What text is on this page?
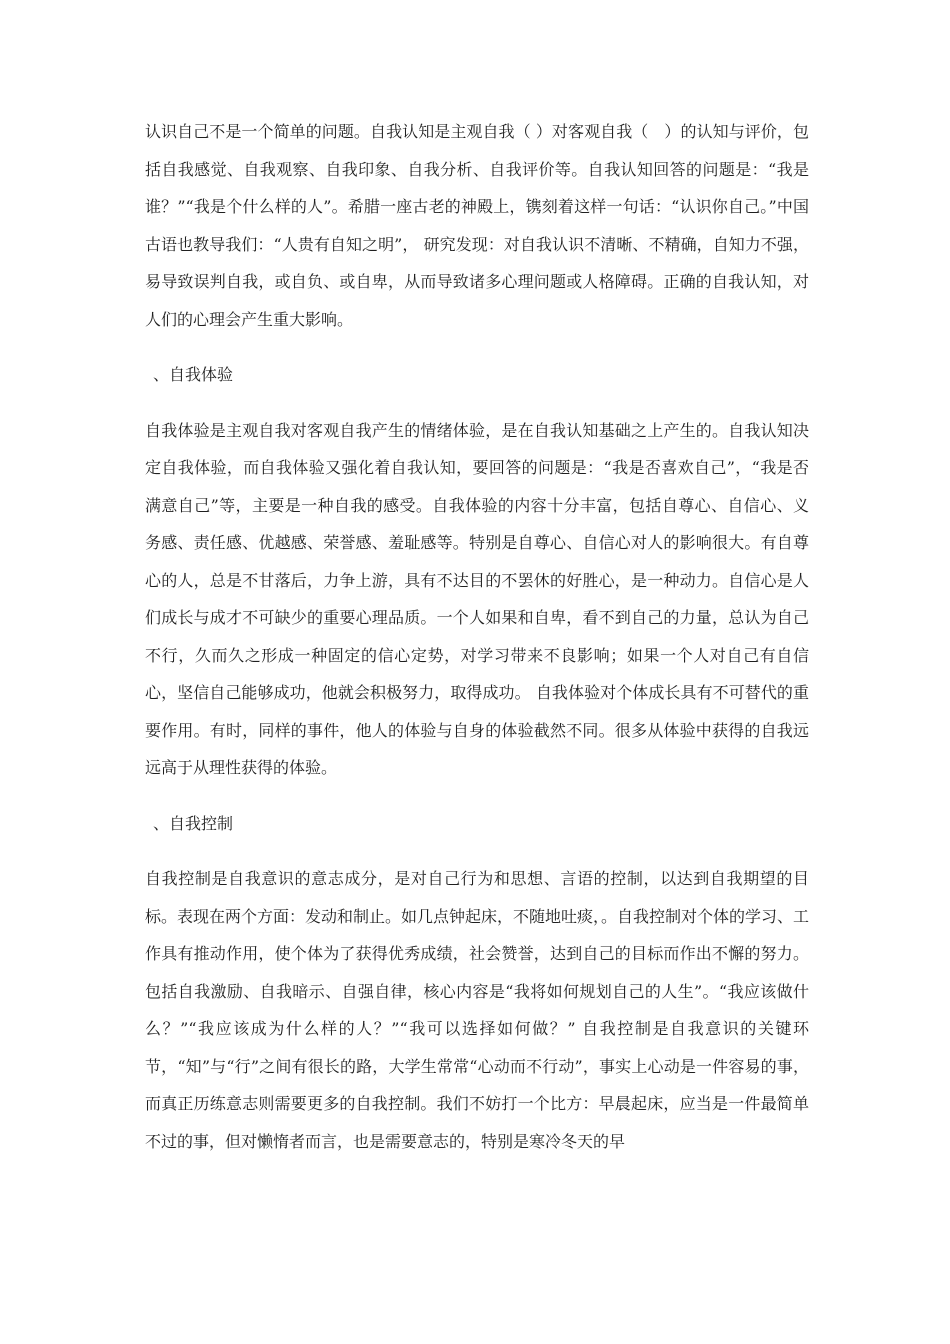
认识自己不是一个简单的问题。自我认知是主观自我（ ）对客观自我（　）的认知与评价，包括自我感觉、自我观察、自我印象、自我分析、自我评价等。自我认知回答的问题是：“我是谁？”“我是个什么样的人”。希腊一座古老的神殿上，镌刻着这样一句话：“认识你自己。”中国古语也教导我们：“人贵有自知之明”， 研究发现：对自我认识不清晰、不精确，自知力不强，易导致误判自我，或自负、或自卑，从而导致诸多心理问题或人格障碍。正确的自我认知，对人们的心理会产生重大影响。

、自我体验

自我体验是主观自我对客观自我产生的情绪体验，是在自我认知基础之上产生的。自我认知决定自我体验，而自我体验又强化着自我认知，要回答的问题是：“我是否喜欢自己”，“我是否满意自己”等，主要是一种自我的感受。自我体验的内容十分丰富，包括自尊心、自信心、义务感、责任感、优越感、荣誉感、羞耻感等。特别是自尊心、自信心对人的影响很大。有自尊心的人，总是不甘落后，力争上游，具有不达目的不罢休的好胜心，是一种动力。自信心是人们成长与成才不可缺少的重要心理品质。一个人如果和自卑，看不到自己的力量，总认为自己不行，久而久之形成一种固定的信心定势，对学习带来不良影响；如果一个人对自己有自信心，坚信自己能够成功，他就会积极努力，取得成功。 自我体验对个体成长具有不可替代的重要作用。有时，同样的事件，他人的体验与自身的体验截然不同。很多从体验中获得的自我远远高于从理性获得的体验。

、自我控制

自我控制是自我意识的意志成分，是对自己行为和思想、言语的控制，以达到自我期望的目标。表现在两个方面：发动和制止。如几点钟起床，不随地吐痰，。自我控制对个体的学习、工作具有推动作用，使个体为了获得优秀成绩，社会赞誉，达到自己的目标而作出不懈的努力。包括自我激励、自我暗示、自强自律，核心内容是“我将如何规划自己的人生”。“我应该做什么？”“我应该成为什么样的人？”“我可以选择如何做？” 自我控制是自我意识的关键环节，“知”与“行”之间有很长的路，大学生常常“心动而不行动”，事实上心动是一件容易的事，而真正历练意志则需要更多的自我控制。我们不妨打一个比方：早晨起床，应当是一件最简单不过的事，但对懒惰者而言，也是需要意志的，特别是寒冷冬天的早
